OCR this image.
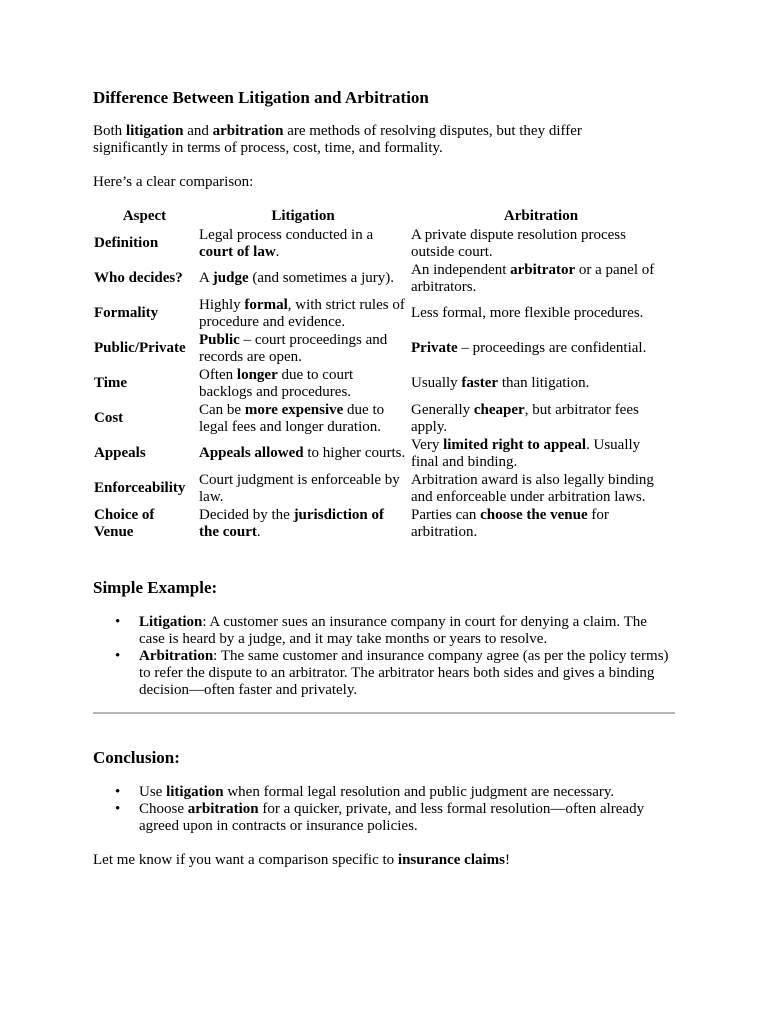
Difference Between Litigation and Arbitration

Both litigation and arbitration are methods of resolving disputes, but they differ significantly in terms of process, cost, time, and formality.

Here’s a clear comparison:

Aspect	Litigation	Arbitration
Definition	Legal process conducted in a court of law.	A private dispute resolution process outside court.
Who decides?	A judge (and sometimes a jury).	An independent arbitrator or a panel of arbitrators.
Formality	Highly formal, with strict rules of procedure and evidence.	Less formal, more flexible procedures.
Public/Private	Public – court proceedings and records are open.	Private – proceedings are confidential.
Time	Often longer due to court backlogs and procedures.	Usually faster than litigation.
Cost	Can be more expensive due to legal fees and longer duration.	Generally cheaper, but arbitrator fees apply.
Appeals	Appeals allowed to higher courts.	Very limited right to appeal. Usually final and binding.
Enforceability	Court judgment is enforceable by law.	Arbitration award is also legally binding and enforceable under arbitration laws.
Choice of Venue	Decided by the jurisdiction of the court.	Parties can choose the venue for arbitration.
Simple Example:
• Litigation: A customer sues an insurance company in court for denying a claim. The case is heard by a judge, and it may take months or years to resolve.
• Arbitration: The same customer and insurance company agree (as per the policy terms) to refer the dispute to an arbitrator. The arbitrator hears both sides and gives a binding decision—often faster and privately.
Conclusion:
• Use litigation when formal legal resolution and public judgment are necessary.
• Choose arbitration for a quicker, private, and less formal resolution—often already agreed upon in contracts or insurance policies.

Let me know if you want a comparison specific to insurance claims!
